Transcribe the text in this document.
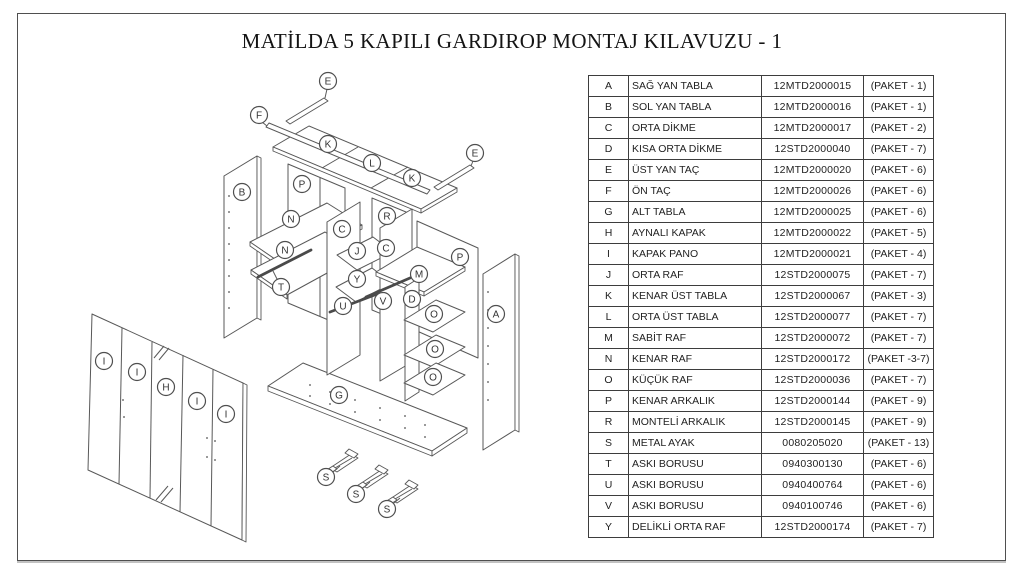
MATİLDA 5 KAPILI GARDIROP MONTAJ KILAVUZU - 1
E
F
K
L
K
E
B
P
N
C
R
N	J C
P
T
Y	M
U	V D
O	A
O
O
I
I
H
I
I
G
S
S
S
A	SAĞ YAN TABLA	12MTD2000015	(PAKET - 1)
B	SOL YAN TABLA	12MTD2000016	(PAKET - 1)
C	ORTA DİKME	12MTD2000017	(PAKET - 2)
D	KISA ORTA DİKME	12STD2000040	(PAKET - 7)
E	ÜST YAN TAÇ	12MTD2000020	(PAKET - 6)
F	ÖN TAÇ	12MTD2000026	(PAKET - 6)
G	ALT TABLA	12MTD2000025	(PAKET - 6)
H	AYNALI KAPAK	12MTD2000022	(PAKET - 5)
I	KAPAK PANO	12MTD2000021	(PAKET - 4)
J	ORTA RAF	12STD2000075	(PAKET - 7)
K	KENAR ÜST TABLA	12STD2000067	(PAKET - 3)
L	ORTA ÜST TABLA	12STD2000077	(PAKET - 7)
M	SABİT RAF	12STD2000072	(PAKET - 7)
N	KENAR RAF	12STD2000172	(PAKET -3-7)
O	KÜÇÜK RAF	12STD2000036	(PAKET - 7)
P	KENAR ARKALIK	12STD2000144	(PAKET - 9)
R	MONTELİ ARKALIK	12STD2000145	(PAKET - 9)
S	METAL AYAK	0080205020	(PAKET - 13)
T	ASKI BORUSU	0940300130	(PAKET - 6)
U	ASKI BORUSU	0940400764	(PAKET - 6)
V	ASKI BORUSU	0940100746	(PAKET - 6)
Y	DELİKLİ ORTA RAF	12STD2000174	(PAKET - 7)
